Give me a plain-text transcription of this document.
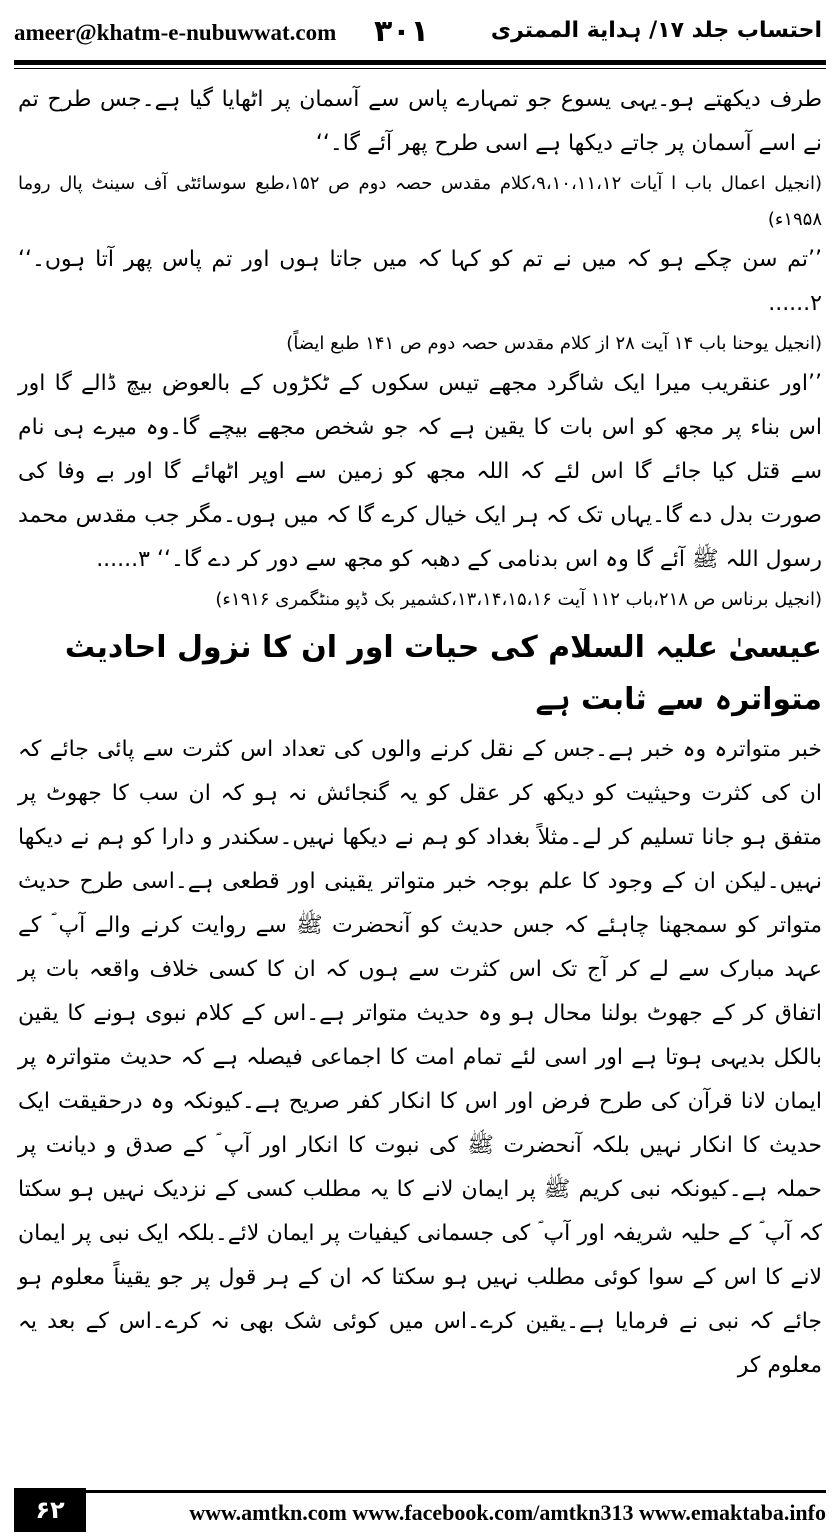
ameer@khatm-e-nubuwwat.com ۳۰۱	احتساب جلد ۱۷/ ہدایة الممتری

طرف دیکھتے ہو۔یہی یسوع جو تمہارے پاس سے آسمان پر اٹھایا گیا ہے۔جس طرح تم نے اسے آسمان پر جاتے دیکھا ہے اسی طرح پھر آئے گا۔‘‘

(انجیل اعمال باب ا آیات ۹،۱۰،۱۱،۱۲،کلام مقدس حصہ دوم ص ۱۵۲،طبع سوسائٹی آف سینٹ پال روما ۱۹۵۸ء)

’’تم سن چکے ہو کہ میں نے تم کو کہا کہ میں جاتا ہوں اور تم پاس پھر آتا ہوں۔‘‘ ۲......

(انجیل یوحنا باب ۱۴ آیت ۲۸ از کلام مقدس حصہ دوم ص ۱۴۱ طبع ایضاً)

’’اور عنقریب میرا ایک شاگرد مجھے تیس سکوں کے ٹکڑوں کے بالعوض بیچ ڈالے گا اور اس بناء پر مجھ کو اس بات کا یقین ہے کہ جو شخص مجھے بیچے گا۔وہ میرے ہی نام سے قتل کیا جائے گا اس لئے کہ اللہ مجھ کو زمین سے اوپر اٹھائے گا اور بے وفا کی صورت بدل دے گا۔یہاں تک کہ ہر ایک خیال کرے گا کہ میں ہوں۔مگر جب مقدس محمد رسول اللہ ﷺ آئے گا وہ اس بدنامی کے دھبہ کو مجھ سے دور کر دے گا۔‘‘ ۳......

(انجیل برناس ص ۲۱۸،باب ۱۱۲ آیت ۱۳،۱۴،۱۵،۱۶،کشمیر بک ڈپو منٹگمری ۱۹۱۶ء)

عیسیٰ علیہ السلام کی حیات اور ان کا نزول احادیث متواترہ سے ثابت ہے

خبر متواترہ وہ خبر ہے۔جس کے نقل کرنے والوں کی تعداد اس کثرت سے پائی جائے کہ ان کی کثرت وحیثیت کو دیکھ کر عقل کو یہ گنجائش نہ ہو کہ ان سب کا جھوٹ پر متفق ہو جانا تسلیم کر لے۔مثلاً بغداد کو ہم نے دیکھا نہیں۔سکندر و دارا کو ہم نے دیکھا نہیں۔لیکن ان کے وجود کا علم بوجہ خبر متواتر یقینی اور قطعی ہے۔اسی طرح حدیث متواتر کو سمجھنا چاہئے کہ جس حدیث کو آنحضرت ﷺ سے روایت کرنے والے آپ ؐ کے عہد مبارک سے لے کر آج تک اس کثرت سے ہوں کہ ان کا کسی خلاف واقعہ بات پر اتفاق کر کے جھوٹ بولنا محال ہو وہ حدیث متواتر ہے۔اس کے کلام نبوی ہونے کا یقین بالکل بدیہی ہوتا ہے اور اسی لئے تمام امت کا اجماعی فیصلہ ہے کہ حدیث متواترہ پر ایمان لانا قرآن کی طرح فرض اور اس کا انکار کفر صریح ہے۔کیونکہ وہ درحقیقت ایک حدیث کا انکار نہیں بلکہ آنحضرت ﷺ کی نبوت کا انکار اور آپ ؐ کے صدق و دیانت پر حملہ ہے۔کیونکہ نبی کریم ﷺ پر ایمان لانے کا یہ مطلب کسی کے نزدیک نہیں ہو سکتا کہ آپ ؐ کے حلیہ شریفہ اور آپ ؐ کی جسمانی کیفیات پر ایمان لائے۔بلکہ ایک نبی پر ایمان لانے کا اس کے سوا کوئی مطلب نہیں ہو سکتا کہ ان کے ہر قول پر جو یقیناً معلوم ہو جائے کہ نبی نے فرمایا ہے۔یقین کرے۔اس میں کوئی شک بھی نہ کرے۔اس کے بعد یہ معلوم کر

۶۲	www.amtkn.com www.facebook.com/amtkn313 www.emaktaba.info
